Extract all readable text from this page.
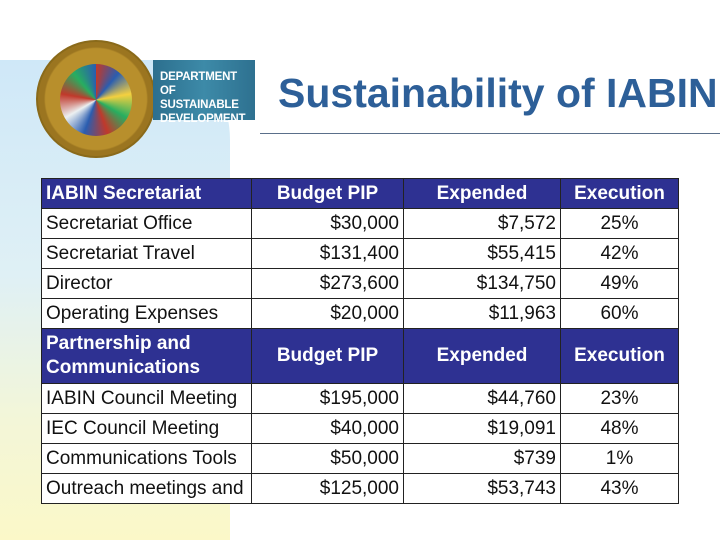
DEPARTMENT OF
SUSTAINABLE
DEVELOPMENT
Sustainability of IABIN
IABIN Secretariat	Budget PIP	Expended	Execution
Secretariat Office	$30,000	$7,572	25%
Secretariat Travel	$131,400	$55,415	42%
Director	$273,600	$134,750	49%
Operating Expenses	$20,000	$11,963	60%
Partnership and Communications	Budget PIP	Expended	Execution
IABIN Council Meeting	$195,000	$44,760	23%
IEC Council Meeting	$40,000	$19,091	48%
Communications Tools	$50,000	$739	1%
Outreach meetings and	$125,000	$53,743	43%
